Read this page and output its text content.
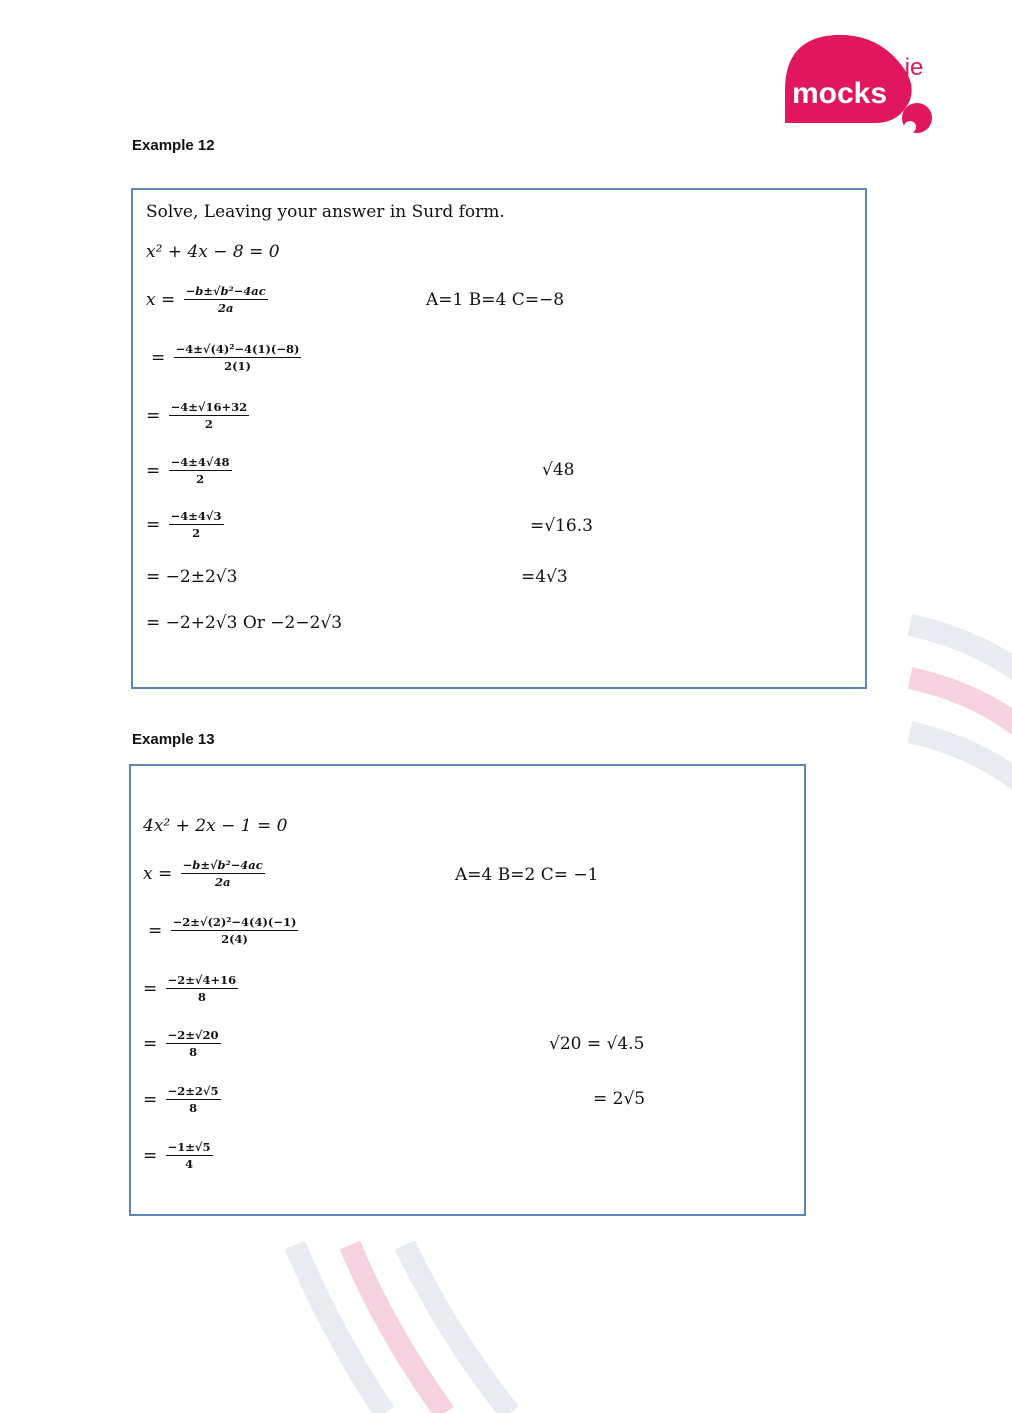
mocks
.ie
Example 12
Solve, Leaving your answer in Surd form.
x² + 4x − 8 = 0
$x = \frac{\text{−b±√b²−4ac}}{2a}$	A=1 B=4 C=−8
= $\frac{\text{−4±√(4)²−4(1)(−8)}}{2(1)}$
= $\frac{-4\pm√16+32}{2}$
= $\frac{-4\pm 4√48}{2}$	√48
= $\frac{-4\pm 4√3}{2}$	=√16.3
= −2±2√3	=4√3
= −2+2√3 Or −2−2√3
Example 13
4x² + 2x − 1 = 0
$x = \frac{\text{−b±√b²−4ac}}{2a}$	A=4 B=2 C= −1
= $\frac{\text{−2±√(2)²−4(4)(−1)}}{2(4)}$
= $\frac{-2\pm√4+16}{8}$
= $\frac{-2\pm√20}{8}$	√20 = √4.5
= $\frac{-2\pm 2√5}{8}$	= 2√5
= $\frac{-1\pm√5}{4}$
